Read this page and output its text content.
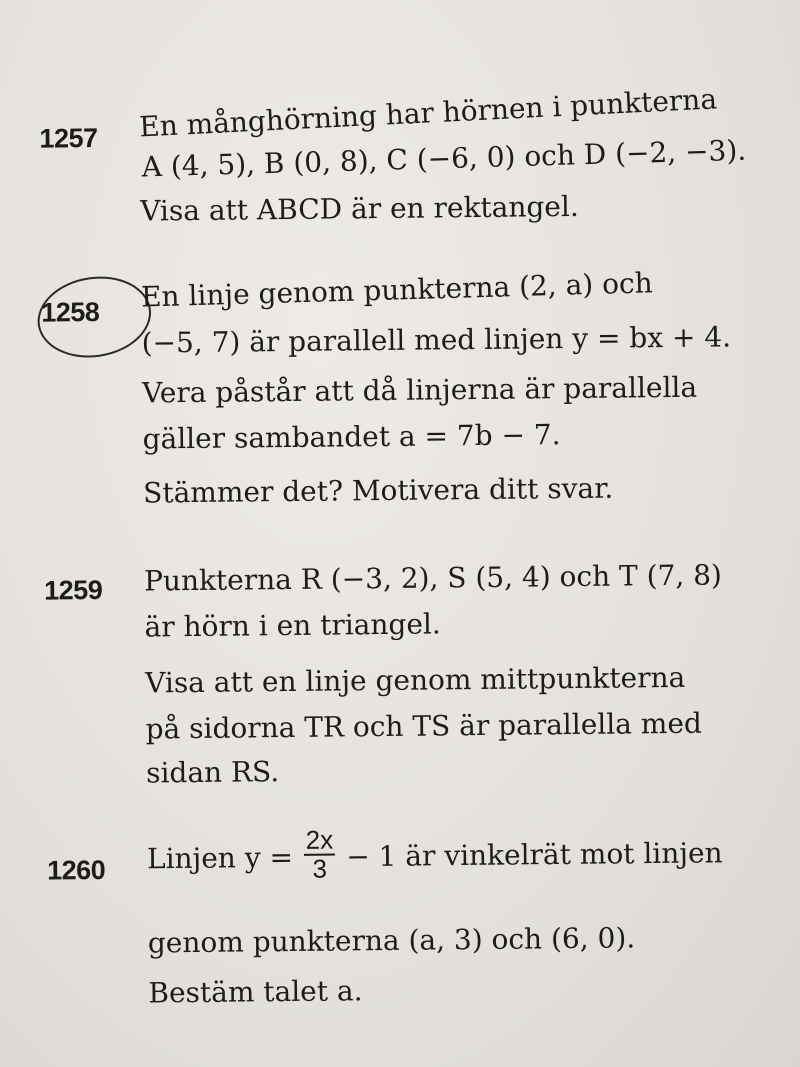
1257 En månghörning har hörnen i punkterna
A (4, 5), B (0, 8), C (−6, 0) och D (−2, −3).
Visa att ABCD är en rektangel.
1258 En linje genom punkterna (2, a) och
(−5, 7) är parallell med linjen y = bx + 4.
Vera påstår att då linjerna är parallella
gäller sambandet a = 7b − 7.
Stämmer det? Motivera ditt svar.
1259 Punkterna R (−3, 2), S (5, 4) och T (7, 8)
är hörn i en triangel.
Visa att en linje genom mittpunkterna
på sidorna TR och TS är parallella med
sidan RS.
1260 Linjen $y = \frac{2x}{3} - 1$ är vinkelrät mot linjen
genom punkterna (a, 3) och (6, 0).
Bestäm talet a.
